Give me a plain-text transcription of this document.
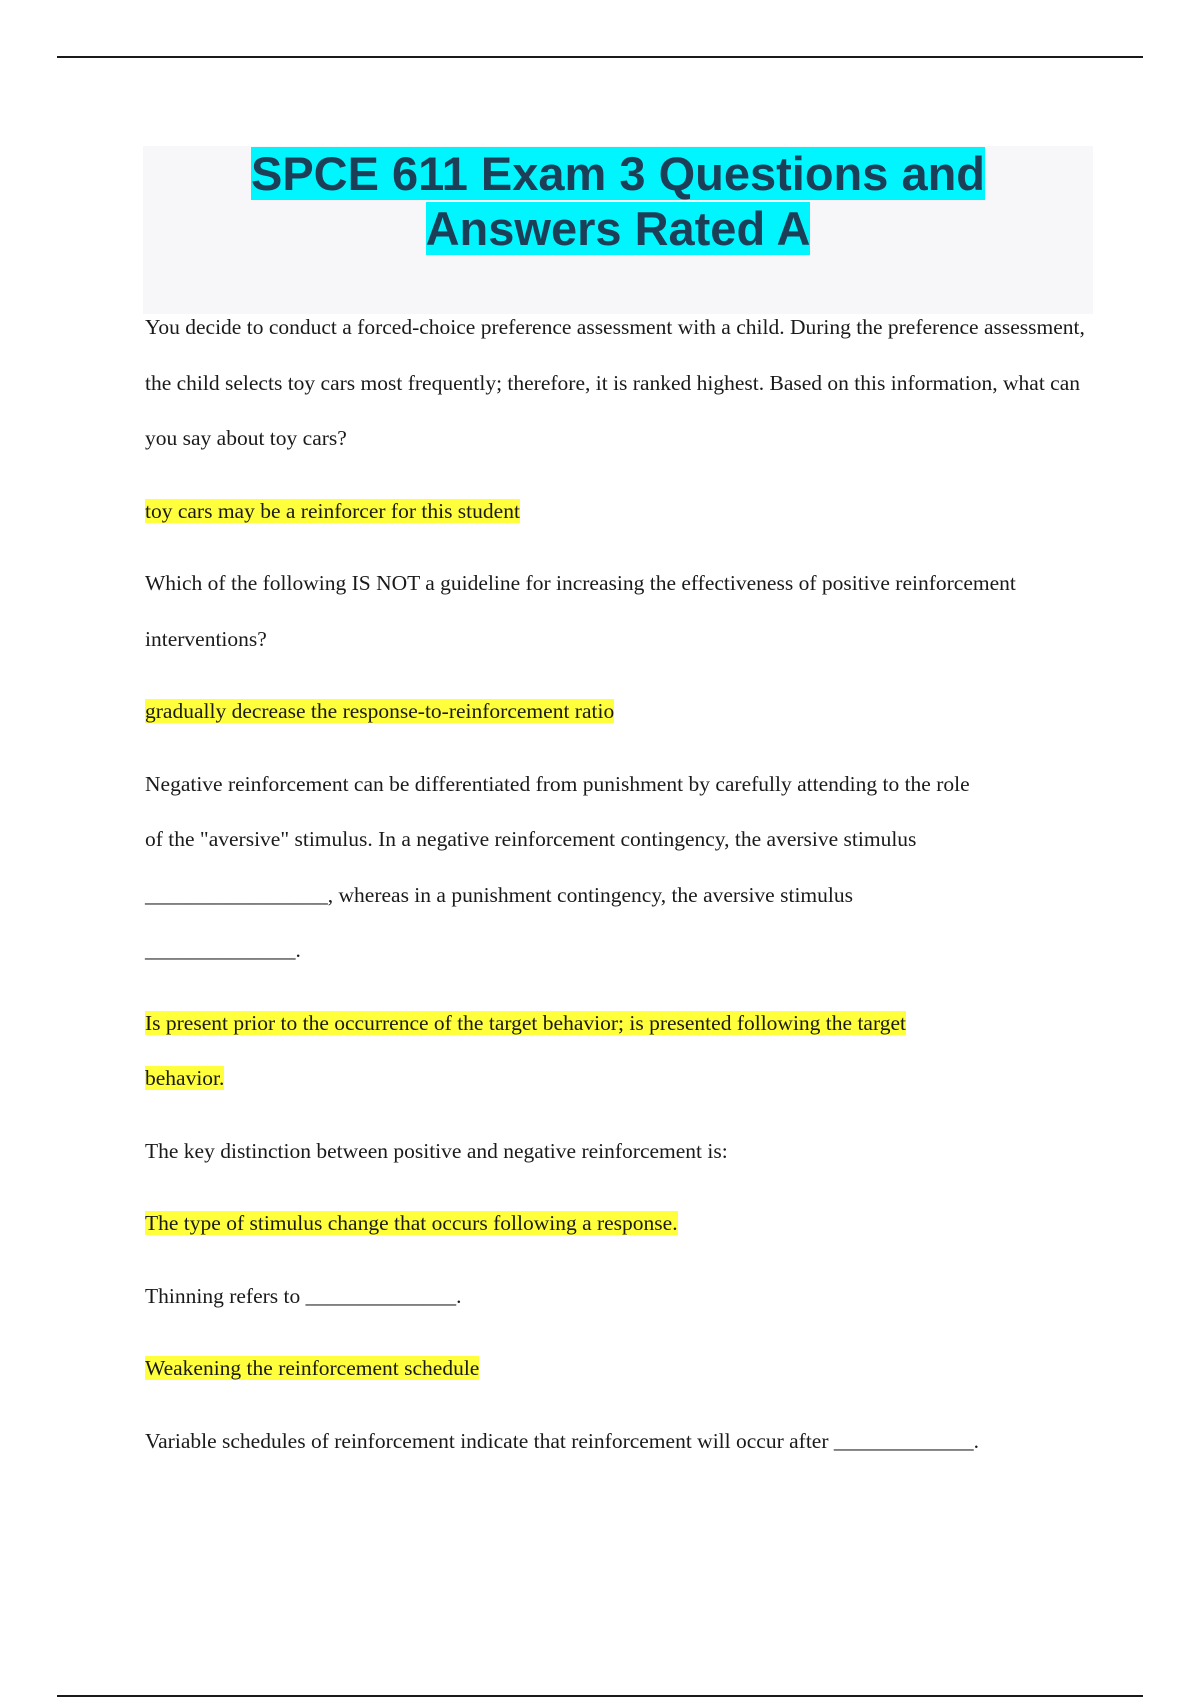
SPCE 611 Exam 3 Questions and
Answers Rated A

You decide to conduct a forced-choice preference assessment with a child. During the preference assessment, the child selects toy cars most frequently; therefore, it is ranked highest. Based on this information, what can you say about toy cars?

toy cars may be a reinforcer for this student

Which of the following IS NOT a guideline for increasing the effectiveness of positive reinforcement interventions?

gradually decrease the response-to-reinforcement ratio

Negative reinforcement can be differentiated from punishment by carefully attending to the role
of the "aversive" stimulus. In a negative reinforcement contingency, the aversive stimulus
_________________, whereas in a punishment contingency, the aversive stimulus
______________.

Is present prior to the occurrence of the target behavior; is presented following the target
behavior.

The key distinction between positive and negative reinforcement is:

The type of stimulus change that occurs following a response.

Thinning refers to ______________.

Weakening the reinforcement schedule

Variable schedules of reinforcement indicate that reinforcement will occur after _____________.
